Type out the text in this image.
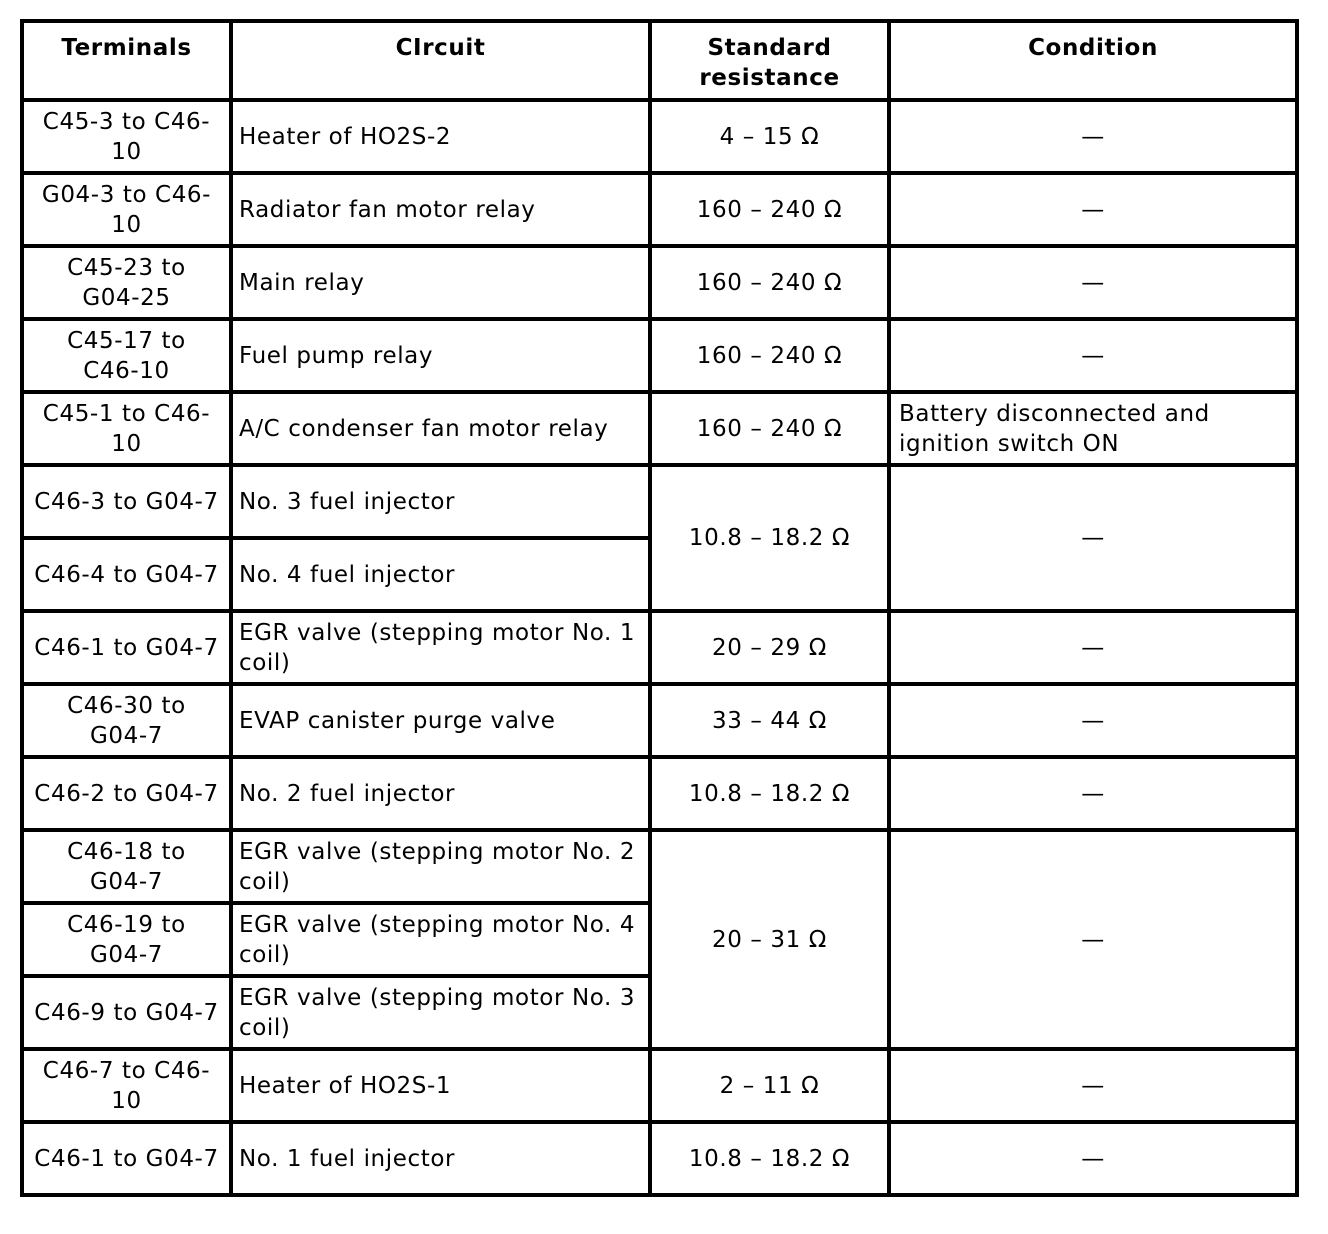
Terminals	CIrcuit	Standard resistance	Condition
C45-3 to C46-10	Heater of HO2S-2	4 – 15 Ω	—
G04-3 to C46-10	Radiator fan motor relay	160 – 240 Ω	—
C45-23 to G04-25	Main relay	160 – 240 Ω	—
C45-17 to C46-10	Fuel pump relay	160 – 240 Ω	—
C45-1 to C46-10	A/C condenser fan motor relay	160 – 240 Ω	Battery disconnected and ignition switch ON
C46-3 to G04-7	No. 3 fuel injector	10.8 – 18.2 Ω	—
C46-4 to G04-7	No. 4 fuel injector		
C46-1 to G04-7	EGR valve (stepping motor No. 1 coil)	20 – 29 Ω	—
C46-30 to G04-7	EVAP canister purge valve	33 – 44 Ω	—
C46-2 to G04-7	No. 2 fuel injector	10.8 – 18.2 Ω	—
C46-18 to G04-7	EGR valve (stepping motor No. 2 coil)	20 – 31 Ω	—
C46-19 to G04-7	EGR valve (stepping motor No. 4 coil)		
C46-9 to G04-7	EGR valve (stepping motor No. 3 coil)		
C46-7 to C46-10	Heater of HO2S-1	2 – 11 Ω	—
C46-1 to G04-7	No. 1 fuel injector	10.8 – 18.2 Ω	—
